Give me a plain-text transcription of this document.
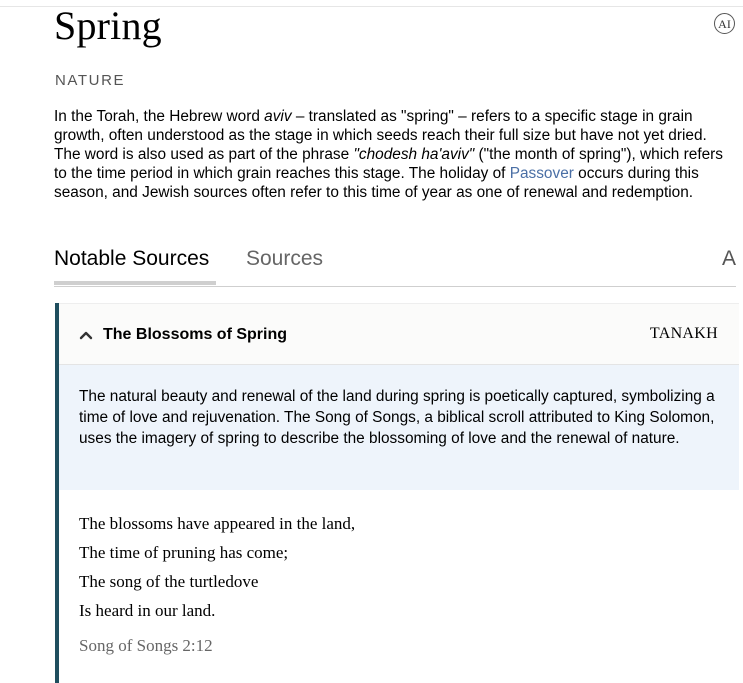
Spring	AI
NATURE

In the Torah, the Hebrew word aviv – translated as "spring" – refers to a specific stage in grain growth, often understood as the stage in which seeds reach their full size but have not yet dried. The word is also used as part of the phrase "chodesh ha'aviv" ("the month of spring"), which refers to the time period in which grain reaches this stage. The holiday of Passover occurs during this season, and Jewish sources often refer to this time of year as one of renewal and redemption.

Notable Sources Sources	A
The Blossoms of Spring	TANAKH
The natural beauty and renewal of the land during spring is poetically captured, symbolizing a time of love and rejuvenation. The Song of Songs, a biblical scroll attributed to King Solomon, uses the imagery of spring to describe the blossoming of love and the renewal of nature.
The blossoms have appeared in the land,
The time of pruning has come;
The song of the turtledove
Is heard in our land.
Song of Songs 2:12
